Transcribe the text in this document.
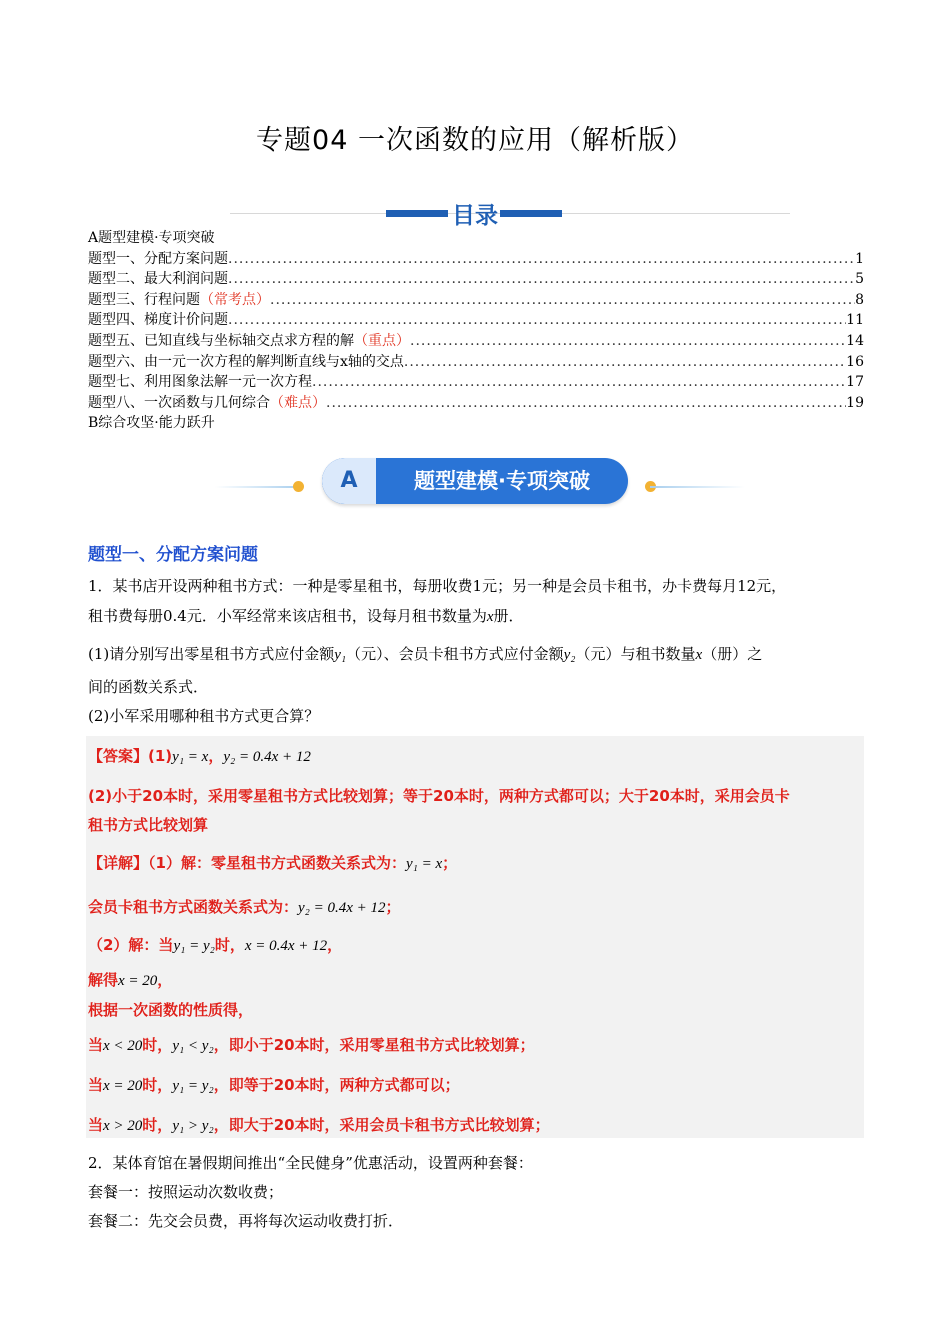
专题04 一次函数的应用（解析版）
目录
A题型建模·专项突破
题型一、分配方案问题 .....	1
题型二、最大利润问题 .....	5
题型三、行程问题 （常考点） .....	8
题型四、梯度计价问题 .....	11
题型五、已知直线与坐标轴交点求方程的解 （重点） .....	14
题型六、由一元一次方程的解判断直线与x轴的交点 .....	16
题型七、利用图象法解一元一次方程 .....	17
题型八、一次函数与几何综合 （难点） .....	19
B综合攻坚·能力跃升
A	题型建模·专项突破
题型一、分配方案问题
1．某书店开设两种租书方式：一种是零星租书，每册收费1元；另一种是会员卡租书，办卡费每月12元，
租书费每册0.4元．小军经常来该店租书，设每月租书数量为x册．
(1)请分别写出零星租书方式应付金额y₁（元）、会员卡租书方式应付金额y₂（元）与租书数量x（册）之
间的函数关系式．
(2)小军采用哪种租书方式更合算？
【答案】(1)y₁ = x，y₂ = 0.4x + 12
(2)小于20本时，采用零星租书方式比较划算；等于20本时，两种方式都可以；大于20本时，采用会员卡
租书方式比较划算
【详解】（1）解：零星租书方式函数关系式为：y₁ = x；
会员卡租书方式函数关系式为：y₂ = 0.4x + 12；
（2）解：当y₁ = y₂时，x = 0.4x + 12，
解得x = 20，
根据一次函数的性质得，
当x < 20时，y₁ < y₂，即小于20本时，采用零星租书方式比较划算；
当x = 20时，y₁ = y₂，即等于20本时，两种方式都可以；
当x > 20时，y₁ > y₂，即大于20本时，采用会员卡租书方式比较划算；
2．某体育馆在暑假期间推出“全民健身”优惠活动，设置两种套餐：
套餐一：按照运动次数收费；
套餐二：先交会员费，再将每次运动收费打折．
